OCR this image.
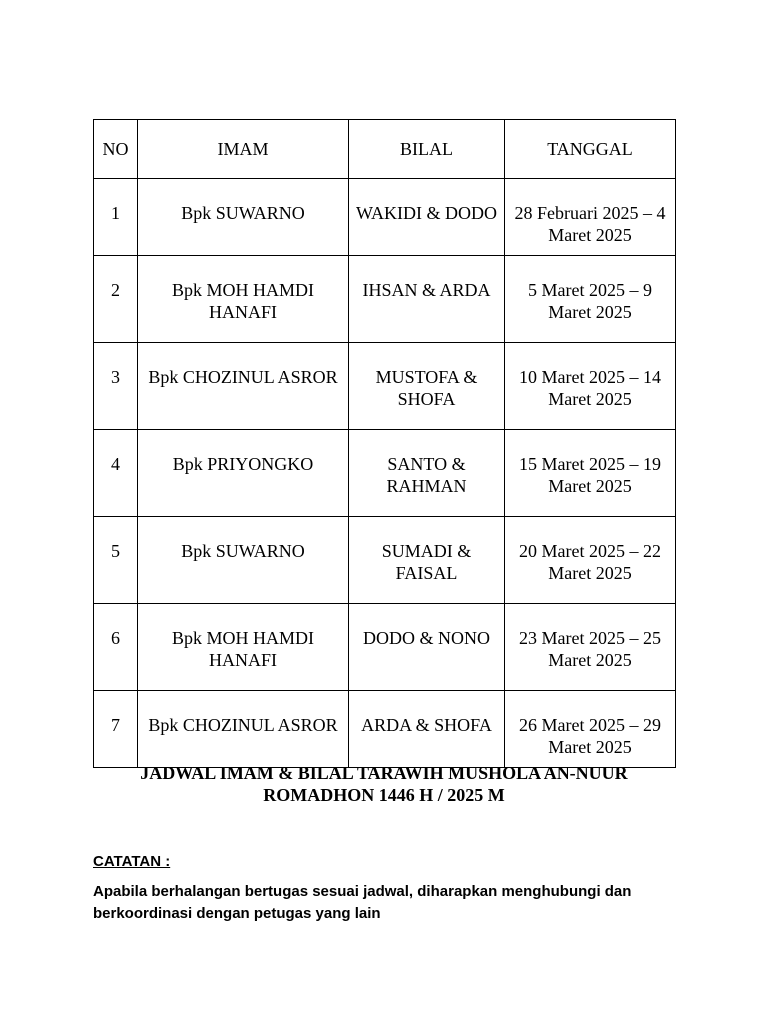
NO	IMAM	BILAL	TANGGAL
1	Bpk SUWARNO	WAKIDI & DODO	28 Februari 2025 – 4 Maret 2025
2	Bpk MOH HAMDI HANAFI	IHSAN & ARDA	5 Maret 2025 – 9 Maret 2025
3	Bpk CHOZINUL ASROR	MUSTOFA & SHOFA	10 Maret 2025 – 14 Maret 2025
4	Bpk PRIYONGKO	SANTO & RAHMAN	15 Maret 2025 – 19 Maret 2025
5	Bpk SUWARNO	SUMADI & FAISAL	20 Maret 2025 – 22 Maret 2025
6	Bpk MOH HAMDI HANAFI	DODO & NONO	23 Maret 2025 – 25 Maret 2025
7	Bpk CHOZINUL ASROR	ARDA & SHOFA	26 Maret 2025 – 29 Maret 2025
JADWAL IMAM & BILAL TARAWIH MUSHOLA AN-NUUR
ROMADHON 1446 H / 2025 M
CATATAN :
Apabila berhalangan bertugas sesuai jadwal, diharapkan menghubungi dan berkoordinasi dengan petugas yang lain
